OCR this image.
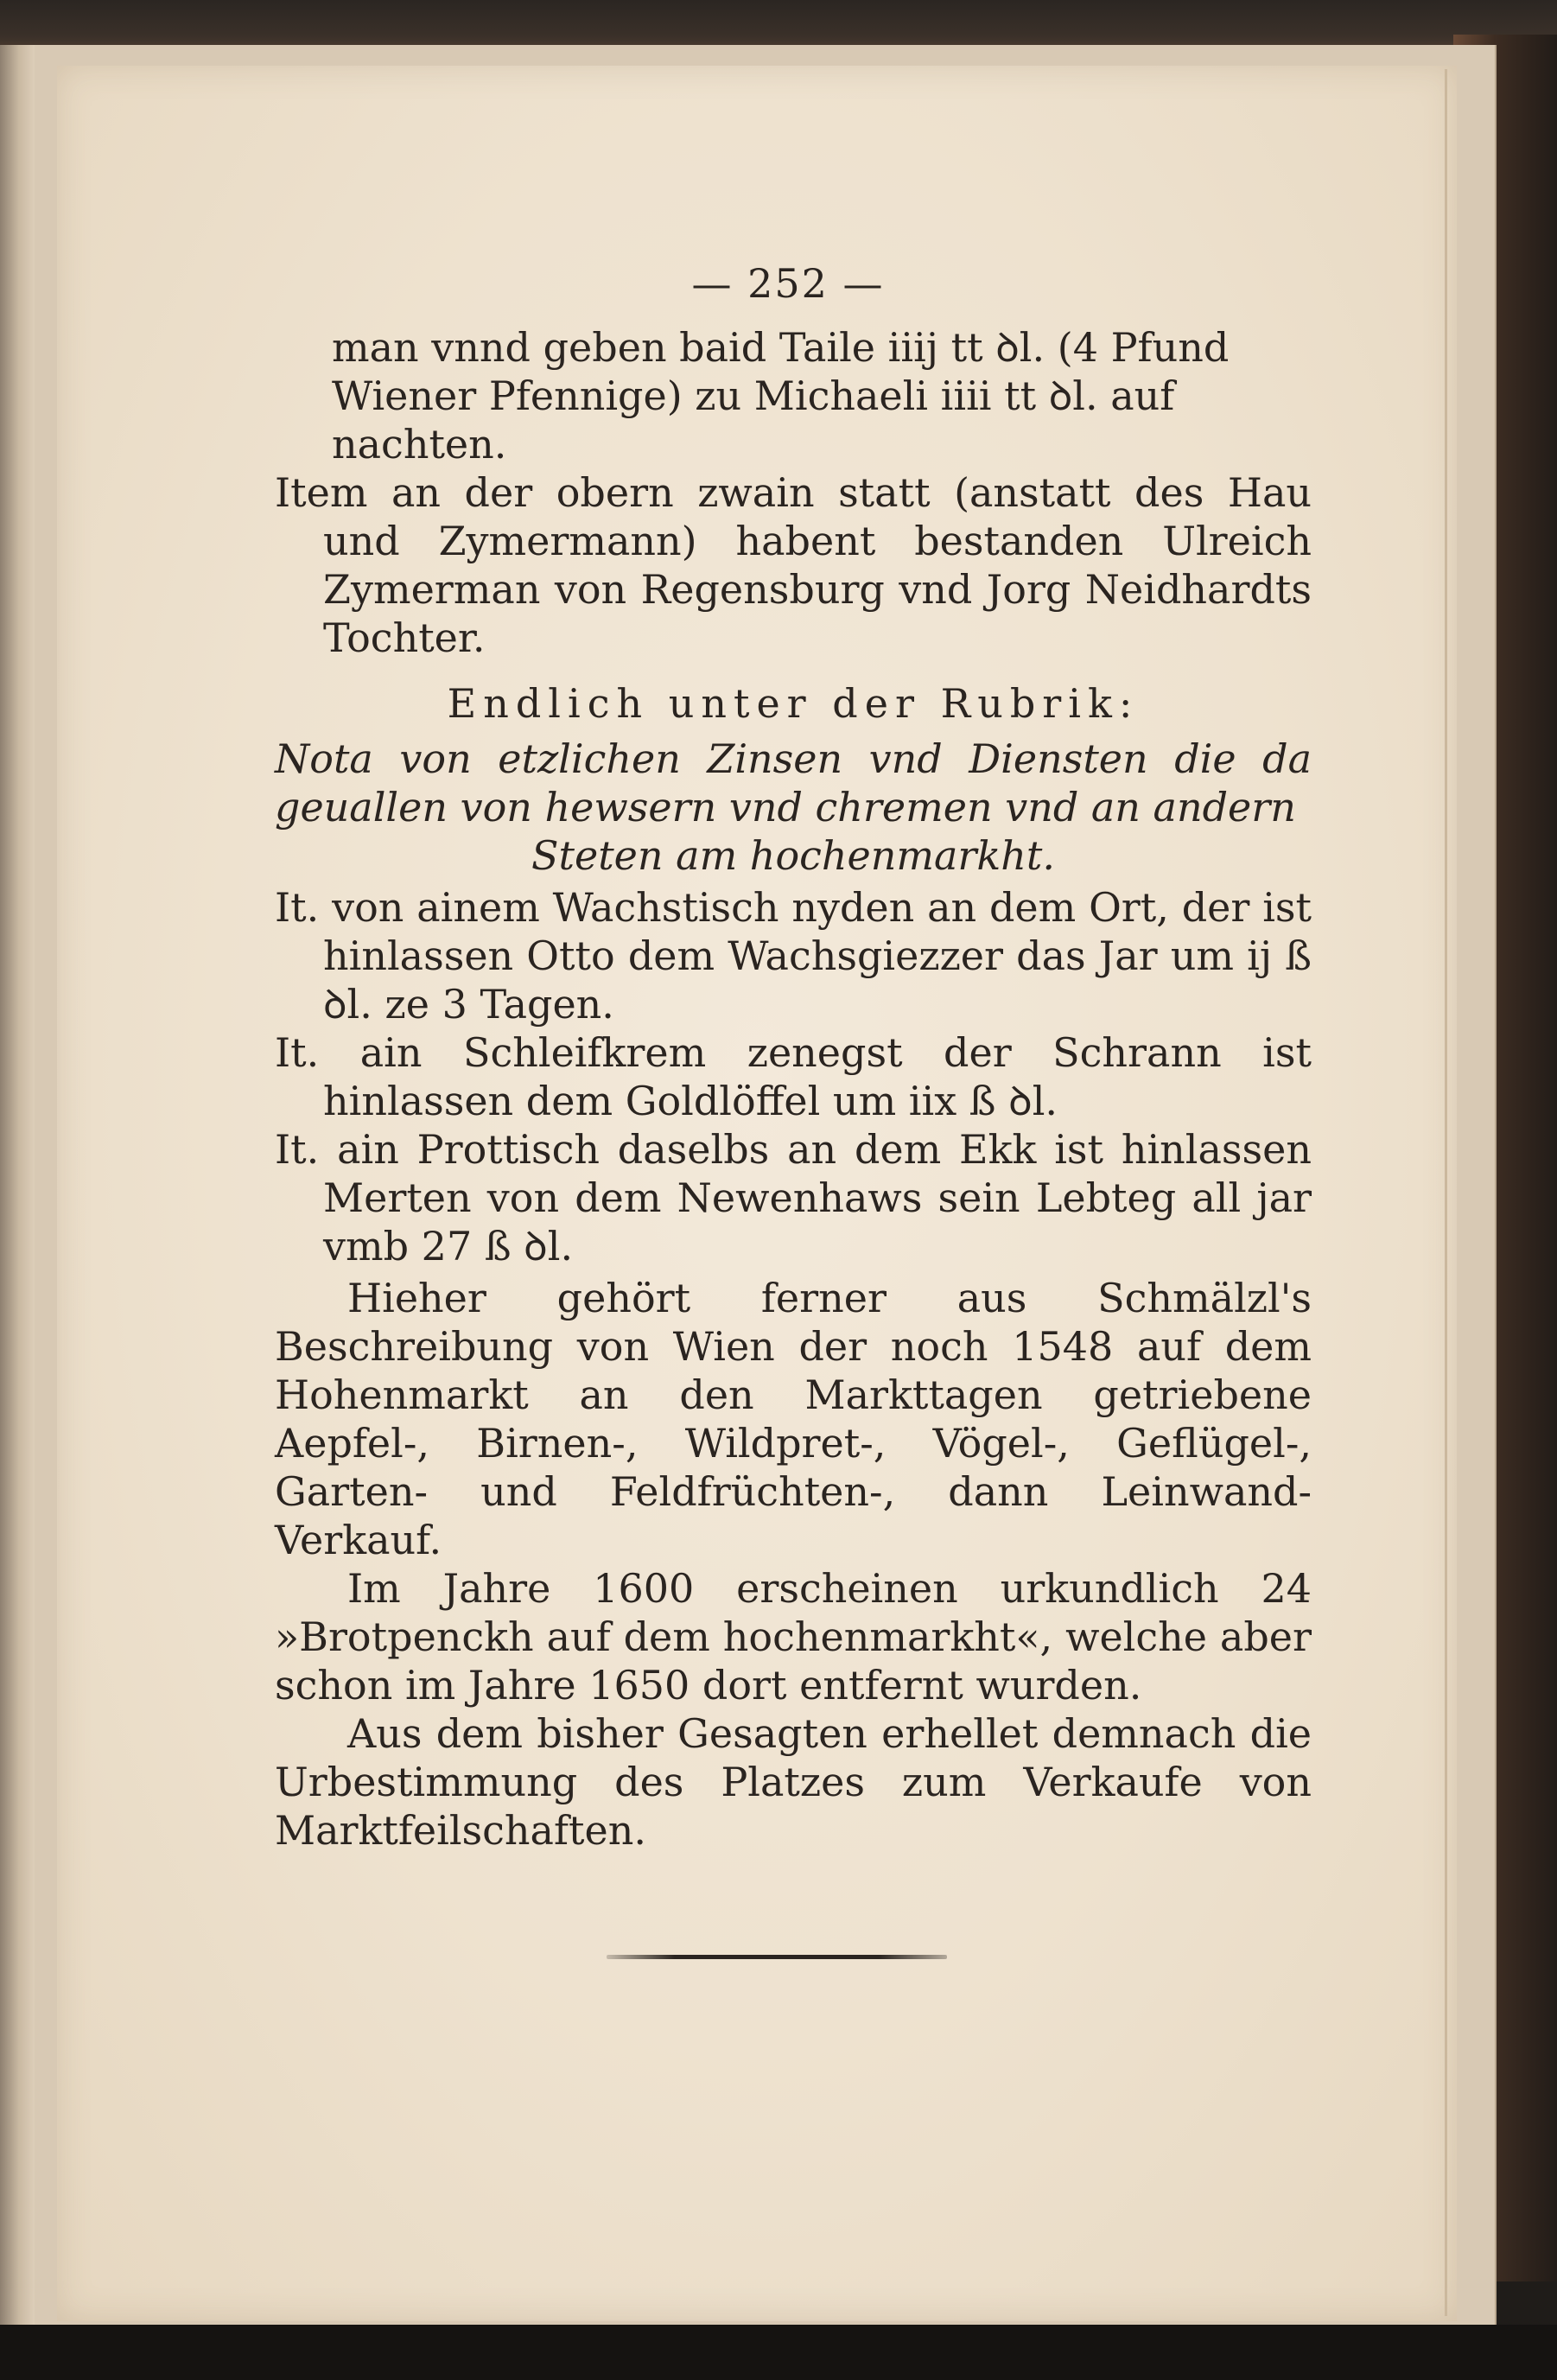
— 252 —

man vnnd geben baid Taile iiij tt ꝺl. (4 Pfund

Wiener Pfennige) zu Michaeli iiii tt ꝺl. auf

nachten.

Item an der obern zwain statt (anstatt des Hau und Zymermann) habent bestanden Ulreich Zymerman von Regensburg vnd Jorg Neidhardts Tochter.

Endlich unter der Rubrik:

Nota von etzlichen Zinsen vnd Diensten die da geuallen von hewsern vnd chremen vnd an andern
Steten am hochenmarkht.

It. von ainem Wachstisch nyden an dem Ort, der ist hinlassen Otto dem Wachsgiezzer das Jar um ij ß ꝺl. ze 3 Tagen.

It. ain Schleifkrem zenegst der Schrann ist hinlassen dem Goldlöffel um iix ß ꝺl.

It. ain Prottisch daselbs an dem Ekk ist hinlassen Merten von dem Newenhaws sein Lebteg all jar vmb 27 ß ꝺl.

Hieher gehört ferner aus Schmälzl's Beschreibung von Wien der noch 1548 auf dem Hohenmarkt an den Markttagen getriebene Aepfel-, Birnen-, Wildpret-, Vögel-, Geflügel-, Garten- und Feldfrüchten-, dann Leinwand-Verkauf.

Im Jahre 1600 erscheinen urkundlich 24 »Brotpenckh auf dem hochenmarkht«, welche aber schon im Jahre 1650 dort entfernt wurden.

Aus dem bisher Gesagten erhellet demnach die Urbestimmung des Platzes zum Verkaufe von Marktfeilschaften.
